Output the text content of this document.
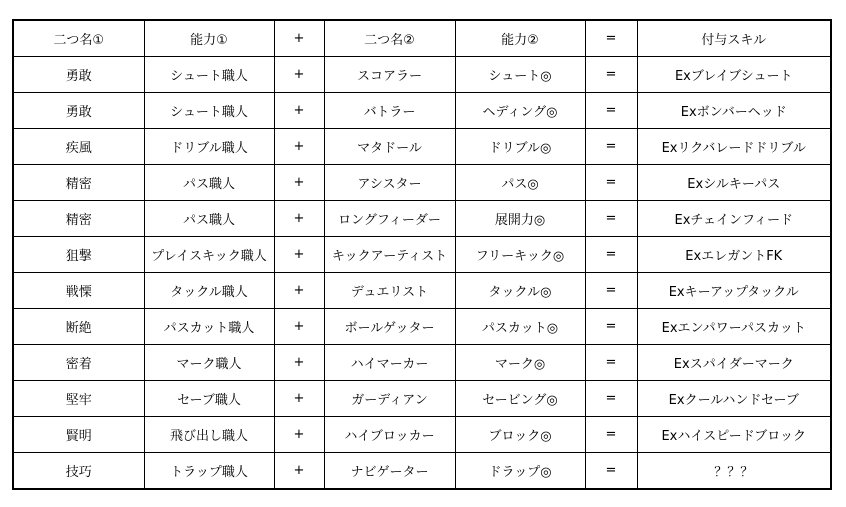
二つ名①	能力①	+	二つ名②	能力②	=	付与スキル
勇敢	シュート職人	+	スコアラー	シュート◎	=	Exブレイブシュート
勇敢	シュート職人	+	バトラー	ヘディング◎	=	Exボンバーヘッド
疾風	ドリブル職人	+	マタドール	ドリブル◎	=	Exリクバレードドリブル
精密	パス職人	+	アシスター	パス◎	=	Exシルキーパス
精密	パス職人	+	ロングフィーダー	展開力◎	=	Exチェインフィード
狙撃	プレイスキック職人	+	キックアーティスト	フリーキック◎	=	ExエレガントFK
戦慄	タックル職人	+	デュエリスト	タックル◎	=	Exキーアップタックル
断絶	パスカット職人	+	ボールゲッター	パスカット◎	=	Exエンパワーパスカット
密着	マーク職人	+	ハイマーカー	マーク◎	=	Exスパイダーマーク
堅牢	セーブ職人	+	ガーディアン	セービング◎	=	Exクールハンドセーブ
賢明	飛び出し職人	+	ハイブロッカー	ブロック◎	=	Exハイスピードブロック
技巧	トラップ職人	+	ナビゲーター	ドラップ◎	=	？？？
